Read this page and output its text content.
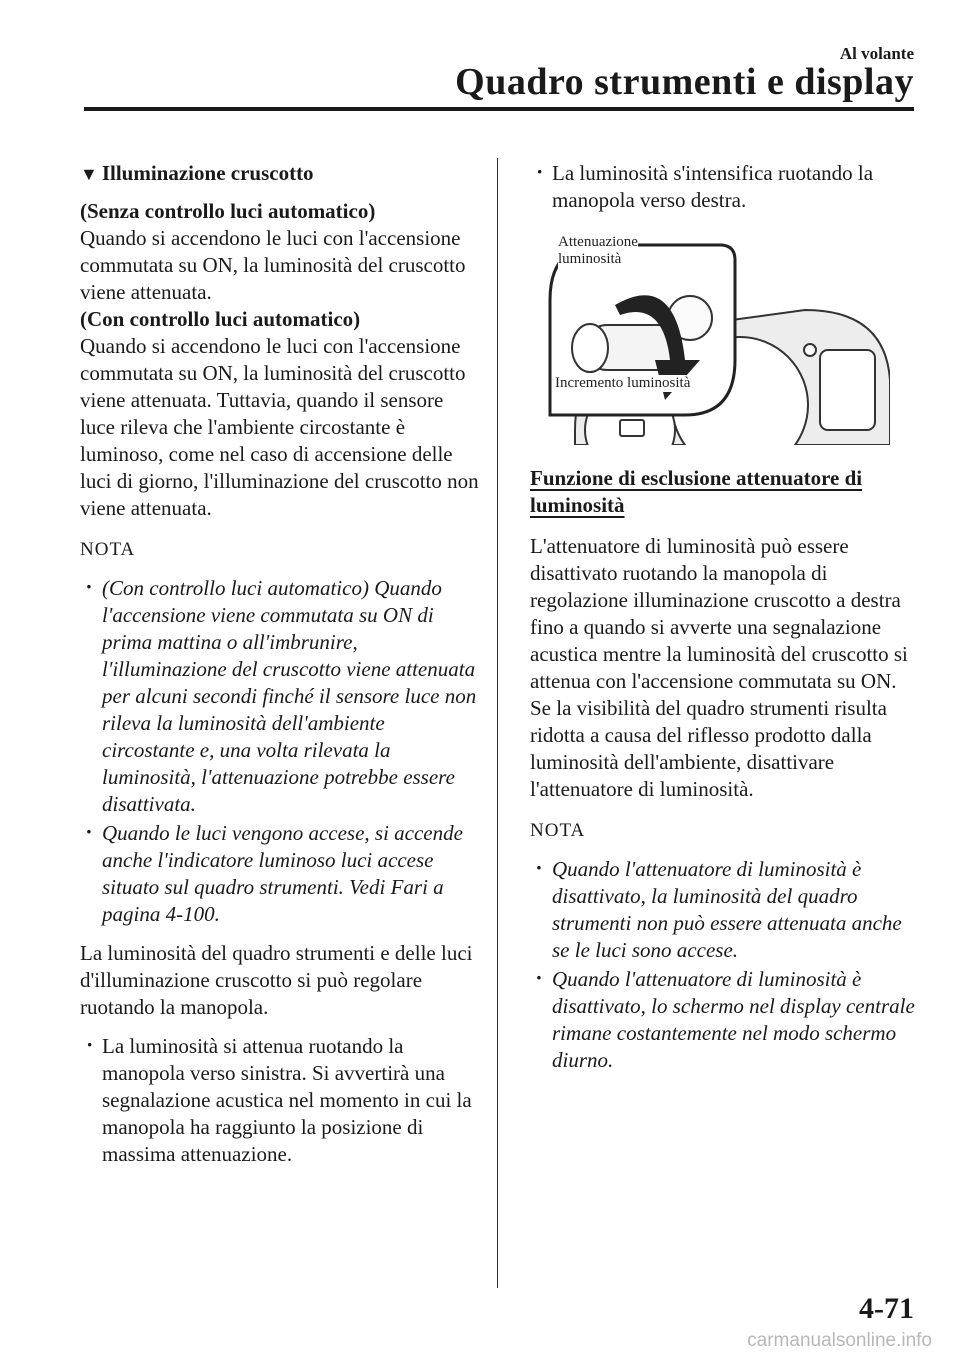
Al volante
Quadro strumenti e display

▼ Illuminazione cruscotto

(Senza controllo luci automatico)

Quando si accendono le luci con l'accensione commutata su ON, la luminosità del cruscotto viene attenuata.

(Con controllo luci automatico)

Quando si accendono le luci con l'accensione commutata su ON, la luminosità del cruscotto viene attenuata. Tuttavia, quando il sensore luce rileva che l'ambiente circostante è luminoso, come nel caso di accensione delle luci di giorno, l'illuminazione del cruscotto non viene attenuata.

NOTA
· (Con controllo luci automatico) Quando l'accensione viene commutata su ON di prima mattina o all'imbrunire, l'illuminazione del cruscotto viene attenuata per alcuni secondi finché il sensore luce non rileva la luminosità dell'ambiente circostante e, una volta rilevata la luminosità, l'attenuazione potrebbe essere disattivata.
· Quando le luci vengono accese, si accende anche l'indicatore luminoso luci accese situato sul quadro strumenti. Vedi Fari a pagina 4-100.

La luminosità del quadro strumenti e delle luci d'illuminazione cruscotto si può regolare ruotando la manopola.

· La luminosità si attenua ruotando la manopola verso sinistra. Si avvertirà una segnalazione acustica nel momento in cui la manopola ha raggiunto la posizione di massima attenuazione.
· La luminosità s'intensifica ruotando la manopola verso destra.
Attenuazione
luminosità
Incremento luminosità

Funzione di esclusione attenuatore di luminosità

L'attenuatore di luminosità può essere disattivato ruotando la manopola di regolazione illuminazione cruscotto a destra fino a quando si avverte una segnalazione acustica mentre la luminosità del cruscotto si attenua con l'accensione commutata su ON. Se la visibilità del quadro strumenti risulta ridotta a causa del riflesso prodotto dalla luminosità dell'ambiente, disattivare l'attenuatore di luminosità.

NOTA
· Quando l'attenuatore di luminosità è disattivato, la luminosità del quadro strumenti non può essere attenuata anche se le luci sono accese.
· Quando l'attenuatore di luminosità è disattivato, lo schermo nel display centrale rimane costantemente nel modo schermo diurno.
4-71
carmanualsonline.info
